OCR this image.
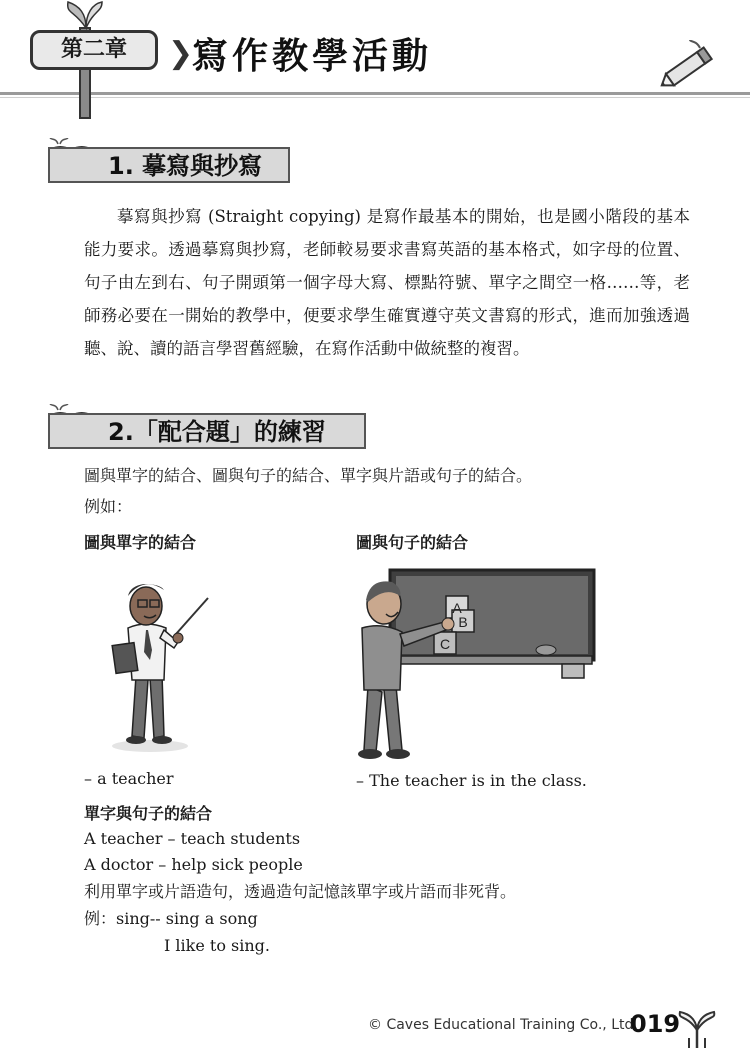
第二章	❯
寫作教學活動
1. 摹寫與抄寫
摹寫與抄寫 (Straight copying) 是寫作最基本的開始，也是國小階段的基本能力要求。透過摹寫與抄寫，老師較易要求書寫英語的基本格式，如字母的位置、句子由左到右、句子開頭第一個字母大寫、標點符號、單字之間空一格……等，老師務必要在一開始的教學中，便要求學生確實遵守英文書寫的形式，進而加強透過聽、說、讀的語言學習舊經驗，在寫作活動中做統整的複習。
2.「配合題」的練習
圖與單字的結合、圖與句子的結合、單字與片語或句子的結合。
例如：
圖與單字的結合	圖與句子的結合
A
B
C
– a teacher	– The teacher is in the class.
單字與句子的結合
A teacher – teach students
A doctor – help sick people
利用單字或片語造句，透過造句記憶該單字或片語而非死背。
例：sing-- sing a song
I like to sing.
© Caves Educational Training Co., Ltd.
019
